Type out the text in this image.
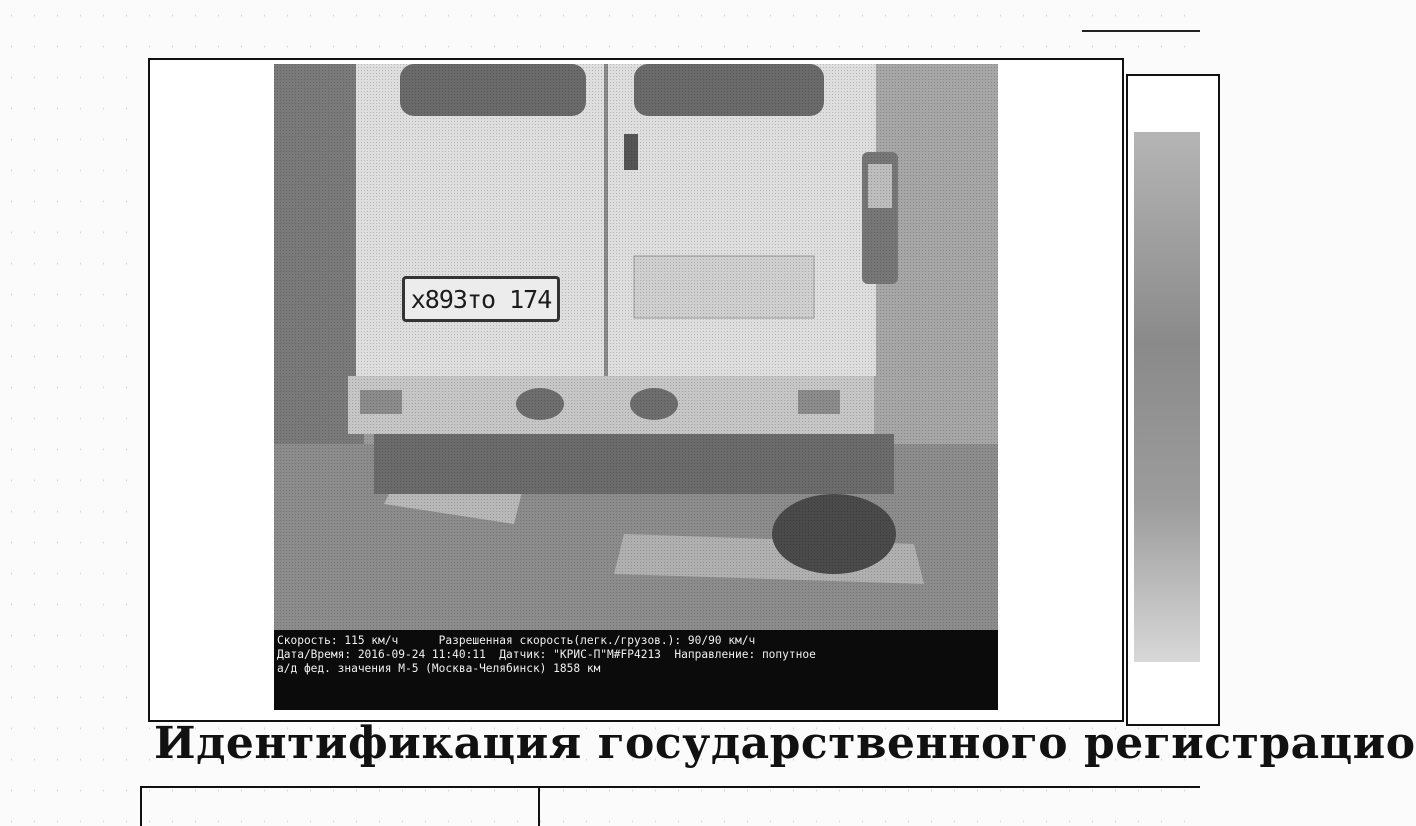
х893то 174
Скорость: 115 км/ч      Разрешенная скорость(легк./грузов.): 90/90 км/ч
Дата/Время: 2016-09-24 11:40:11  Датчик: "КРИС-П"М#FP4213  Направление: попутное
а/д фед. значения М-5 (Москва-Челябинск) 1858 км
Идентификация государственного регистрацио
